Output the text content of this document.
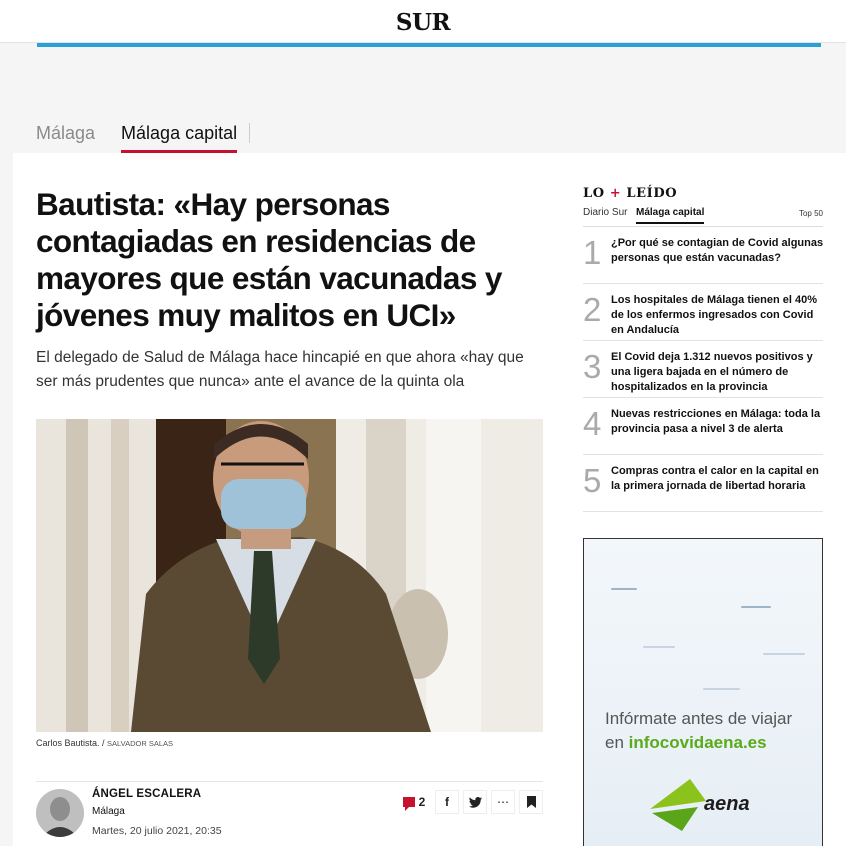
SUR
Málaga Málaga capital
Bautista: «Hay personas contagiadas en residencias de mayores que están vacunadas y jóvenes muy malitos en UCI»

El delegado de Salud de Málaga hace hincapié en que ahora «hay que ser más prudentes que nunca» ante el avance de la quinta ola

Carlos Bautista. / SALVADOR SALAS
ÁNGEL ESCALERA
Málaga
Martes, 20 julio 2021, 20:35
2 f	⋯
LO + LEÍDO
Diario Sur Málaga capital	Top 50
1 ¿Por qué se contagian de Covid algunas personas que están vacunadas?
2 Los hospitales de Málaga tienen el 40% de los enfermos ingresados con Covid en Andalucía
3 El Covid deja 1.312 nuevos positivos y una ligera bajada en el número de hospitalizados en la provincia
4 Nuevas restricciones en Málaga: toda la provincia pasa a nivel 3 de alerta
5 Compras contra el calor en la capital en la primera jornada de libertad horaria
Infórmate antes de viajar
en infocovidaena.es
aena
